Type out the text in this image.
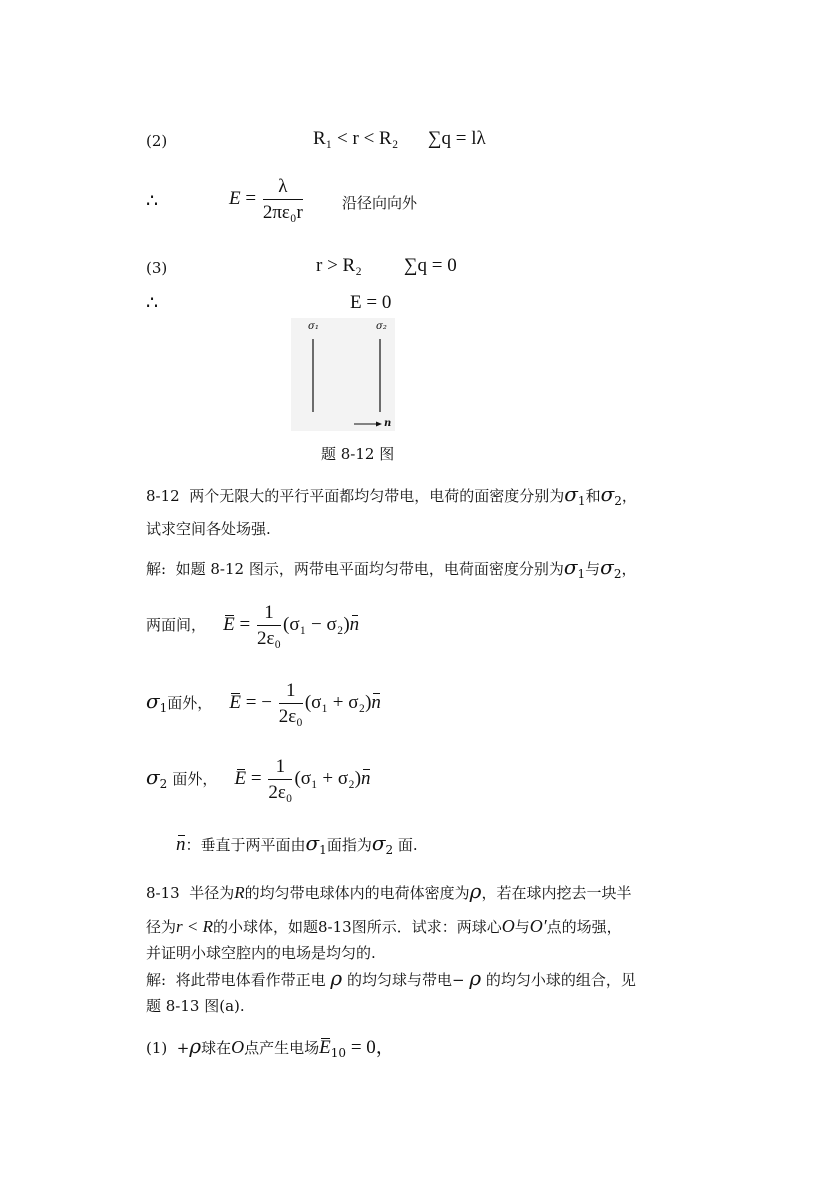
(2)	R₁ < r < R₂ ∑q = lλ
∴	$E = \frac{\lambda}{\text{2πε₀r}}$	沿径向向外
(3)	r > R₂ ∑q = 0
∴	E = 0
σ₁	σ₂
n
题 8-12 图
8-12 两个无限大的平行平面都均匀带电，电荷的面密度分别为$\sigma_1$和$\sigma_2$，
试求空间各处场强.
解: 如题 8-12 图示，两带电平面均匀带电，电荷面密度分别为$\sigma_1$与$\sigma_2$，
两面间， $E = \frac{1}{\text{2ε₀}} (\sigma_1 - \sigma_2)n$
$\sigma_1$面外， E = − $\frac{1}{\text{2ε₀}} (\sigma_1 + \sigma_2)n$
$\sigma_2$ 面外， $E = \frac{1}{\text{2ε₀}} (\sigma_1 + \sigma_2)n$
n：垂直于两平面由$\sigma_1$面指为$\sigma_2$ 面.
8-13 半径为R的均匀带电球体内的电荷体密度为ρ，若在球内挖去一块半
径为r < R的小球体，如题8-13图所示．试求：两球心O与O′点的场强，
并证明小球空腔内的电场是均匀的.
解: 将此带电体看作带正电 ρ 的均匀球与带电− ρ 的均匀小球的组合，见
题 8-13 图(a).
(1) +ρ球在O点产生电场$E_{10} = 0$，
